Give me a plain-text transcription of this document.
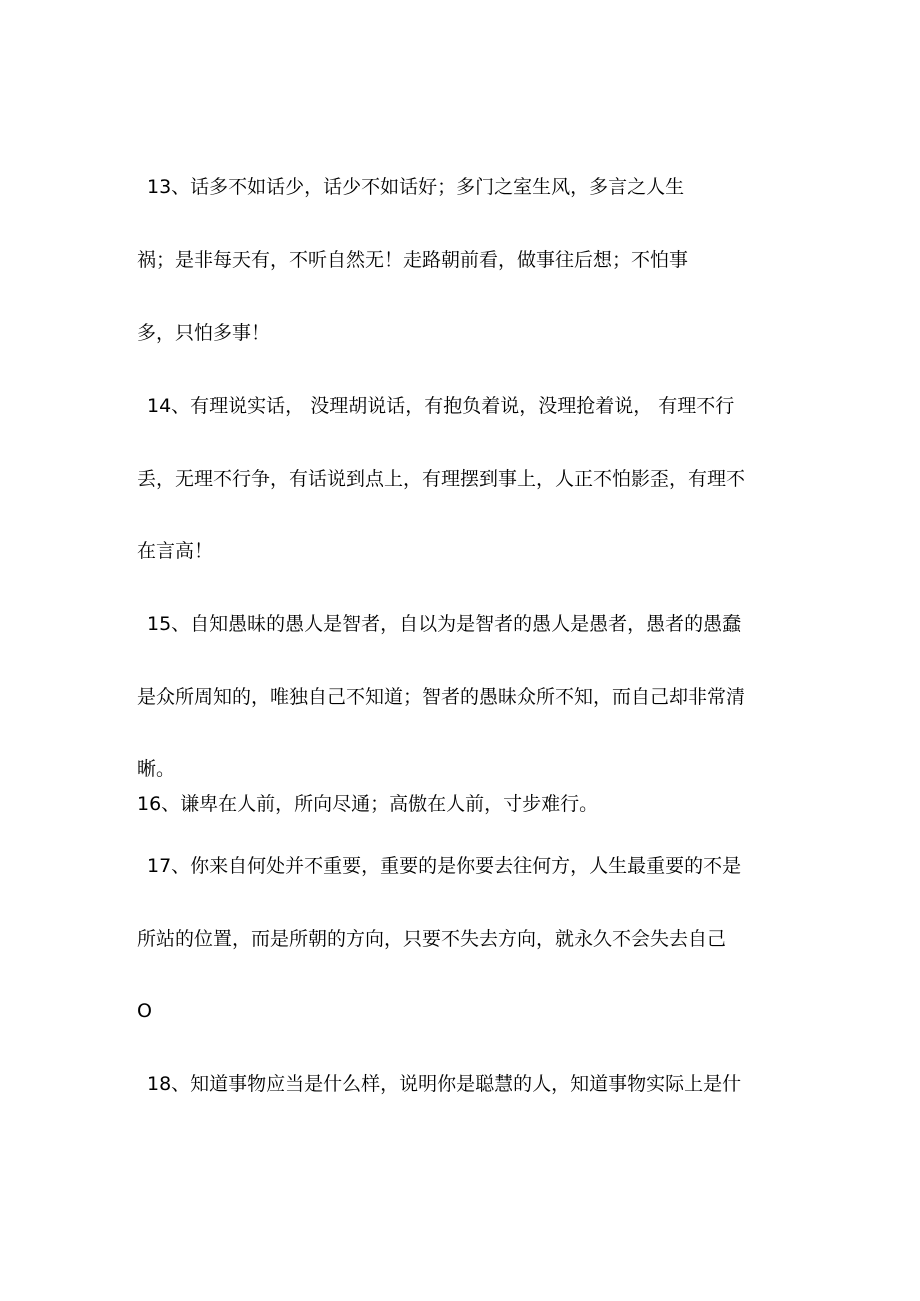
13、话多不如话少，话少不如话好；多门之室生风，多言之人生
祸；是非每天有，不听自然无！走路朝前看，做事往后想；不怕事
多，只怕多事！
14、有理说实话， 没理胡说话，有抱负着说，没理抢着说， 有理不行
丢，无理不行争，有话说到点上，有理摆到事上，人正不怕影歪，有理不
在言高！
15、自知愚昧的愚人是智者，自以为是智者的愚人是愚者，愚者的愚蠢
是众所周知的，唯独自己不知道；智者的愚昧众所不知，而自己却非常清
晰。
16、谦卑在人前，所向尽通；高傲在人前，寸步难行。
17、你来自何处并不重要，重要的是你要去往何方，人生最重要的不是
所站的位置，而是所朝的方向，只要不失去方向，就永久不会失去自己
O
18、知道事物应当是什么样，说明你是聪慧的人，知道事物实际上是什
